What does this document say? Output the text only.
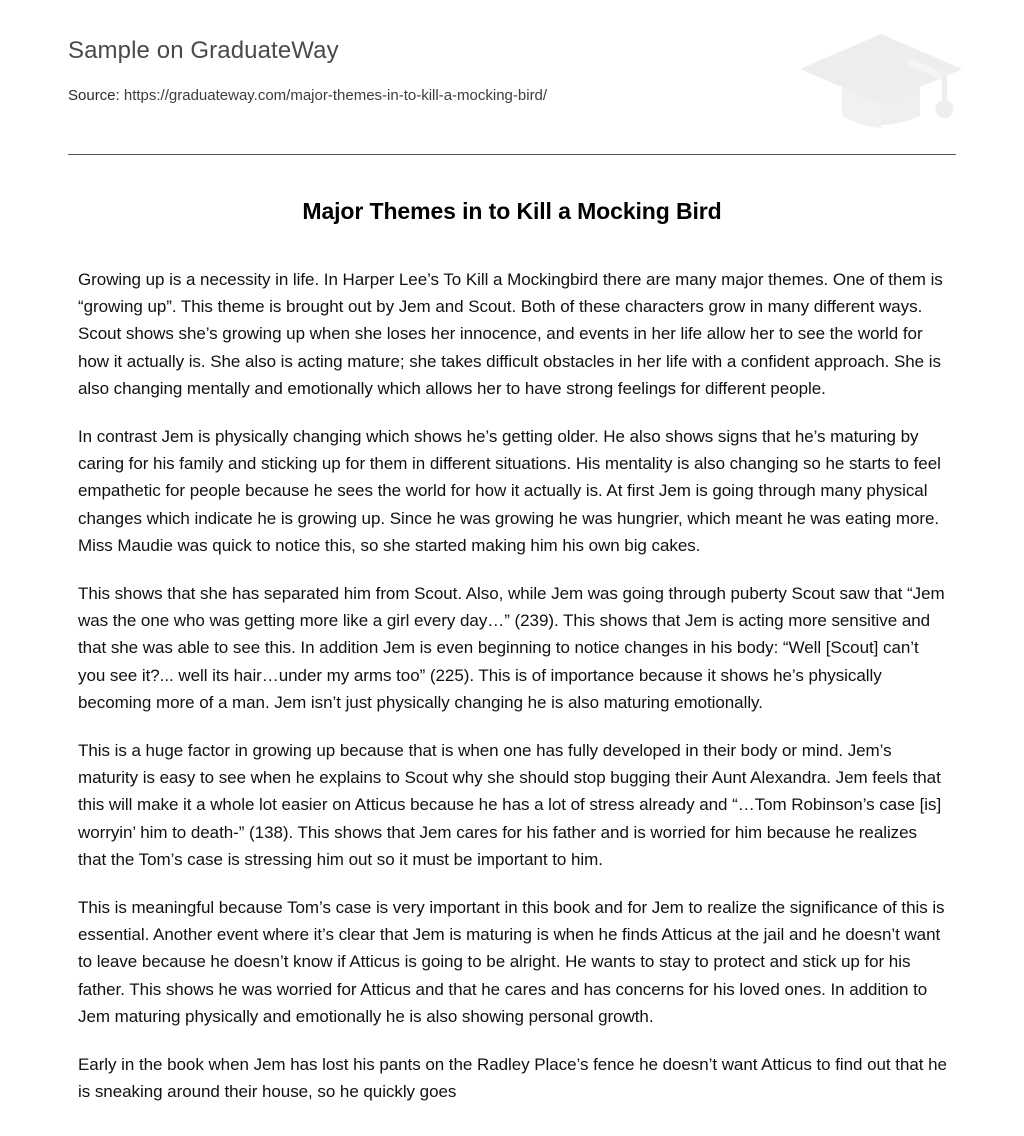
Sample on GraduateWay
Source: https://graduateway.com/major-themes-in-to-kill-a-mocking-bird/
Major Themes in to Kill a Mocking Bird

Growing up is a necessity in life. In Harper Lee’s To Kill a Mockingbird there are many major themes. One of them is “growing up”. This theme is brought out by Jem and Scout. Both of these characters grow in many different ways. Scout shows she’s growing up when she loses her innocence, and events in her life allow her to see the world for how it actually is. She also is acting mature; she takes difficult obstacles in her life with a confident approach. She is also changing mentally and emotionally which allows her to have strong feelings for different people.

In contrast Jem is physically changing which shows he’s getting older. He also shows signs that he’s maturing by caring for his family and sticking up for them in different situations. His mentality is also changing so he starts to feel empathetic for people because he sees the world for how it actually is. At first Jem is going through many physical changes which indicate he is growing up. Since he was growing he was hungrier, which meant he was eating more. Miss Maudie was quick to notice this, so she started making him his own big cakes.

This shows that she has separated him from Scout. Also, while Jem was going through puberty Scout saw that “Jem was the one who was getting more like a girl every day…” (239). This shows that Jem is acting more sensitive and that she was able to see this. In addition Jem is even beginning to notice changes in his body: “Well [Scout] can’t you see it?... well its hair…under my arms too” (225). This is of importance because it shows he’s physically becoming more of a man. Jem isn’t just physically changing he is also maturing emotionally.

This is a huge factor in growing up because that is when one has fully developed in their body or mind. Jem’s maturity is easy to see when he explains to Scout why she should stop bugging their Aunt Alexandra. Jem feels that this will make it a whole lot easier on Atticus because he has a lot of stress already and “…Tom Robinson’s case [is] worryin’ him to death-” (138). This shows that Jem cares for his father and is worried for him because he realizes that the Tom’s case is stressing him out so it must be important to him.

This is meaningful because Tom’s case is very important in this book and for Jem to realize the significance of this is essential. Another event where it’s clear that Jem is maturing is when he finds Atticus at the jail and he doesn’t want to leave because he doesn’t know if Atticus is going to be alright. He wants to stay to protect and stick up for his father. This shows he was worried for Atticus and that he cares and has concerns for his loved ones. In addition to Jem maturing physically and emotionally he is also showing personal growth.

Early in the book when Jem has lost his pants on the Radley Place’s fence he doesn’t want Atticus to find out that he is sneaking around their house, so he quickly goes
